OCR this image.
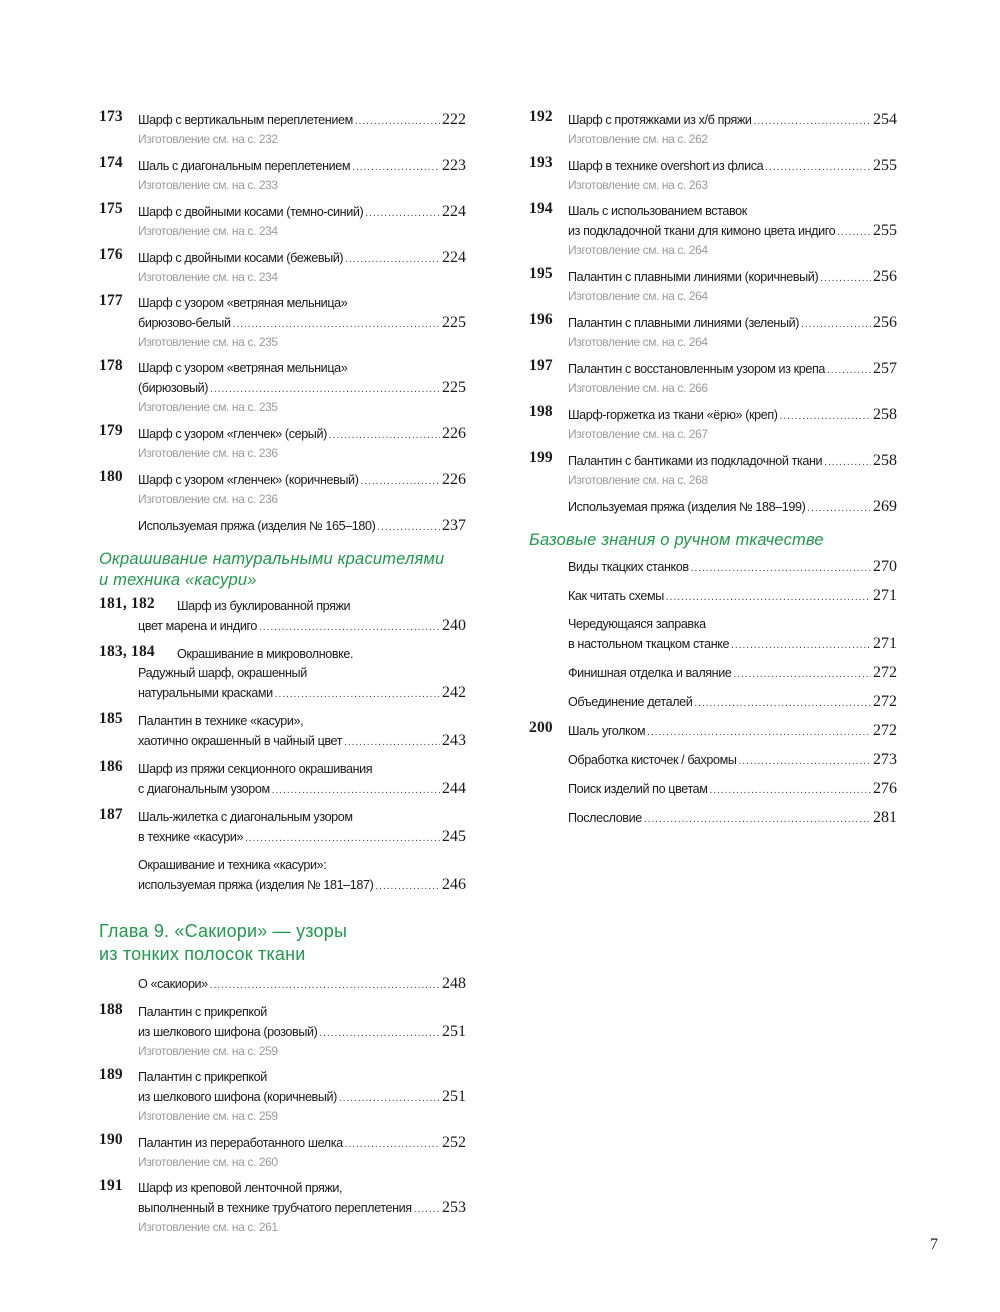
173 Шарф с вертикальным переплетением .....	222
Изготовление см. на с. 232
174 Шаль с диагональным переплетением .....	223
Изготовление см. на с. 233
175 Шарф с двойными косами (темно-синий) .....	224
Изготовление см. на с. 234
176 Шарф с двойными косами (бежевый) .....	224
Изготовление см. на с. 234
177 Шарф с узором «ветряная мельница»
бирюзово-белый .....	225
Изготовление см. на с. 235
178 Шарф с узором «ветряная мельница»
(бирюзовый) .....	225
Изготовление см. на с. 235
179 Шарф с узором «гленчек» (серый) .....	226
Изготовление см. на с. 236
180 Шарф с узором «гленчек» (коричневый) .....	226
Изготовление см. на с. 236
Используемая пряжа (изделия № 165–180) .....	237
Окрашивание натуральными красителями
и техника «касури»
181, 182 Шарф из буклированной пряжи
цвет марена и индиго .....	240
183, 184 Окрашивание в микроволновке.
Радужный шарф, окрашенный
натуральными красками .....	242
185 Палантин в технике «касури»,
хаотично окрашенный в чайный цвет .....	243
186 Шарф из пряжи секционного окрашивания
с диагональным узором .....	244
187 Шаль-жилетка с диагональным узором
в технике «касури» .....	245
Окрашивание и техника «касури»:
используемая пряжа (изделия № 181–187) .....	246
Глава 9. «Сакиори» — узоры
из тонких полосок ткани
О «сакиори» .....	248
188 Палантин с прикрепкой
из шелкового шифона (розовый) .....	251
Изготовление см. на с. 259
189 Палантин с прикрепкой
из шелкового шифона (коричневый) .....	251
Изготовление см. на с. 259
190 Палантин из переработанного шелка .....	252
Изготовление см. на с. 260
191 Шарф из креповой ленточной пряжи,
выполненный в технике трубчатого переплетения ..... 253
Изготовление см. на с. 261
192 Шарф с протяжками из х/б пряжи .....	254
Изготовление см. на с. 262
193 Шарф в технике overshort из флиса .....	255
Изготовление см. на с. 263
194 Шаль с использованием вставок
из подкладочной ткани для кимоно цвета индиго ..... 255
Изготовление см. на с. 264
195 Палантин с плавными линиями (коричневый) .....	256
Изготовление см. на с. 264
196 Палантин с плавными линиями (зеленый) .....	256
Изготовление см. на с. 264
197 Палантин с восстановленным узором из крепа .....	257
Изготовление см. на с. 266
198 Шарф-горжетка из ткани «ёрю» (креп) .....	258
Изготовление см. на с. 267
199 Палантин с бантиками из подкладочной ткани .....	258
Изготовление см. на с. 268
Используемая пряжа (изделия № 188–199) .....	269
Базовые знания о ручном ткачестве
Виды ткацких станков .....	270
Как читать схемы .....	271
Чередующаяся заправка
в настольном ткацком станке .....	271
Финишная отделка и валяние .....	272
Объединение деталей .....	272
200 Шаль уголком .....	272
Обработка кисточек / бахромы .....	273
Поиск изделий по цветам .....	276
Послесловие .....	281
7
